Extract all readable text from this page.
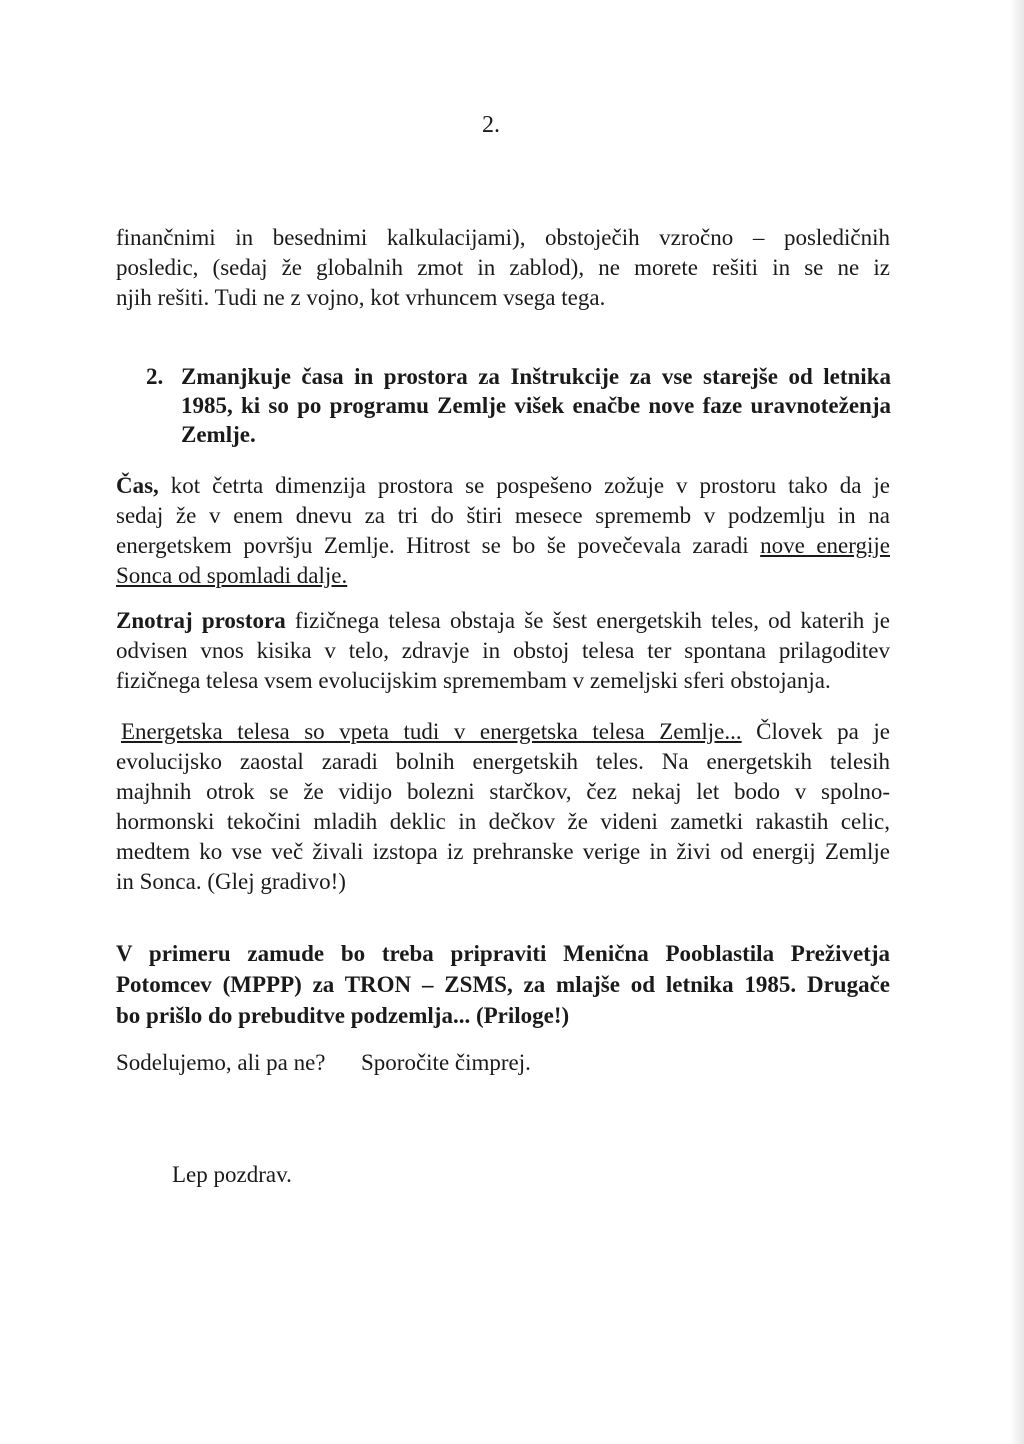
2.
finančnimi in besednimi kalkulacijami), obstoječih vzročno – posledičnih
posledic, (sedaj že globalnih zmot in zablod), ne morete rešiti in se ne iz
njih rešiti. Tudi ne z vojno, kot vrhuncem vsega tega.
2. Zmanjkuje časa in prostora za Inštrukcije za vse starejše od letnika
1985, ki so po programu Zemlje višek enačbe nove faze uravnoteženja
Zemlje.
Čas, kot četrta dimenzija prostora se pospešeno zožuje v prostoru tako da je
sedaj že v enem dnevu za tri do štiri mesece sprememb v podzemlju in na
energetskem površju Zemlje. Hitrost se bo še povečevala zaradi nove energije
Sonca od spomladi dalje.
Znotraj prostora fizičnega telesa obstaja še šest energetskih teles, od katerih je
odvisen vnos kisika v telo, zdravje in obstoj telesa ter spontana prilagoditev
fizičnega telesa vsem evolucijskim spremembam v zemeljski sferi obstojanja.
Energetska telesa so vpeta tudi v energetska telesa Zemlje... Človek pa je
evolucijsko zaostal zaradi bolnih energetskih teles. Na energetskih telesih
majhnih otrok se že vidijo bolezni starčkov, čez nekaj let bodo v spolno-
hormonski tekočini mladih deklic in dečkov že videni zametki rakastih celic,
medtem ko vse več živali izstopa iz prehranske verige in živi od energij Zemlje
in Sonca. (Glej gradivo!)
V primeru zamude bo treba pripraviti Menična Pooblastila Preživetja
Potomcev (MPPP) za TRON – ZSMS, za mlajše od letnika 1985. Drugače
bo prišlo do prebuditve podzemlja... (Priloge!)
Sodelujemo, ali pa ne? Sporočite čimprej.
Lep pozdrav.
